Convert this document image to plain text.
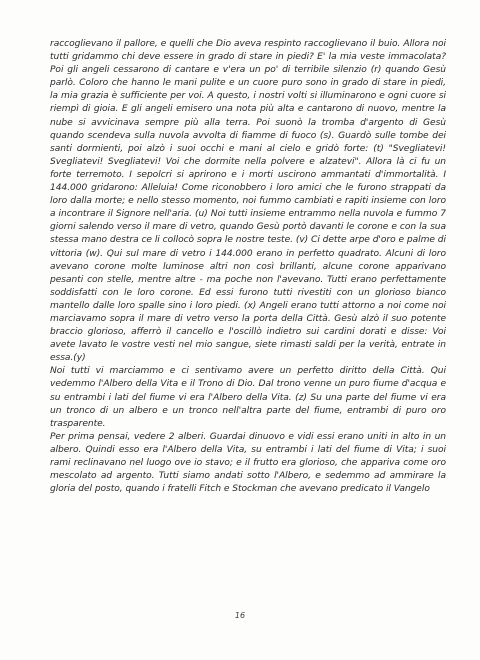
raccoglievano il pallore, e quelli che Dio aveva respinto raccoglievano il buio. Allora noi tutti gridammo chi deve essere in grado di stare in piedi? E' la mia veste immacolata? Poi gli angeli cessarono di cantare e v'era un po' di terribile silenzio (r) quando Gesù parlò. Coloro che hanno le mani pulite e un cuore puro sono in grado di stare in piedi, la mia grazia è sufficiente per voi. A questo, i nostri volti si illuminarono e ogni cuore si riempì di gioia. E gli angeli emisero una nota più alta e cantarono di nuovo, mentre la nube si avvicinava sempre più alla terra. Poi suonò la tromba d'argento di Gesù quando scendeva sulla nuvola avvolta di fiamme di fuoco (s). Guardò sulle tombe dei santi dormienti, poi alzò i suoi occhi e mani al cielo e gridò forte: (t) "Svegliatevi! Svegliatevi! Svegliatevi! Voi che dormite nella polvere e alzatevi". Allora là ci fu un forte terremoto. I sepolcri si aprirono e i morti uscirono ammantati d'immortalità. I 144.000 gridarono: Alleluia! Come riconobbero i loro amici che le furono strappati da loro dalla morte; e nello stesso momento, noi fummo cambiati e rapiti insieme con loro a incontrare il Signore nell'aria. (u) Noi tutti insieme entrammo nella nuvola e fummo 7 giorni salendo verso il mare di vetro, quando Gesù portò davanti le corone e con la sua stessa mano destra ce li collocò sopra le nostre teste. (v) Ci dette arpe d'oro e palme di vittoria (w). Qui sul mare di vetro i 144.000 erano in perfetto quadrato. Alcuni di loro avevano corone molte luminose altri non così brillanti, alcune corone apparivano pesanti con stelle, mentre altre - ma poche non l'avevano. Tutti erano perfettamente soddisfatti con le loro corone. Ed essi furono tutti rivestiti con un glorioso bianco mantello dalle loro spalle sino i loro piedi. (x) Angeli erano tutti attorno a noi come noi marciavamo sopra il mare di vetro verso la porta della Città. Gesù alzò il suo potente braccio glorioso, afferrò il cancello e l'oscillò indietro sui cardini dorati e disse: Voi avete lavato le vostre vesti nel mio sangue, siete rimasti saldi per la verità, entrate in essa.(y)

Noi tutti vi marciammo e ci sentivamo avere un perfetto diritto della Città. Qui vedemmo l'Albero della Vita e il Trono di Dio. Dal trono venne un puro fiume d'acqua e su entrambi i lati del fiume vi era l'Albero della Vita. (z) Su una parte del fiume vi era un tronco di un albero e un tronco nell'altra parte del fiume, entrambi di puro oro trasparente.

Per prima pensai, vedere 2 alberi. Guardai dinuovo e vidi essi erano uniti in alto in un albero. Quindi esso era l'Albero della Vita, su entrambi i lati del fiume di Vita; i suoi rami reclinavano nel luogo ove io stavo; e il frutto era glorioso, che appariva come oro mescolato ad argento. Tutti siamo andati sotto l'Albero, e sedemmo ad ammirare la gloria del posto, quando i fratelli Fitch e Stockman che avevano predicato il Vangelo

16
